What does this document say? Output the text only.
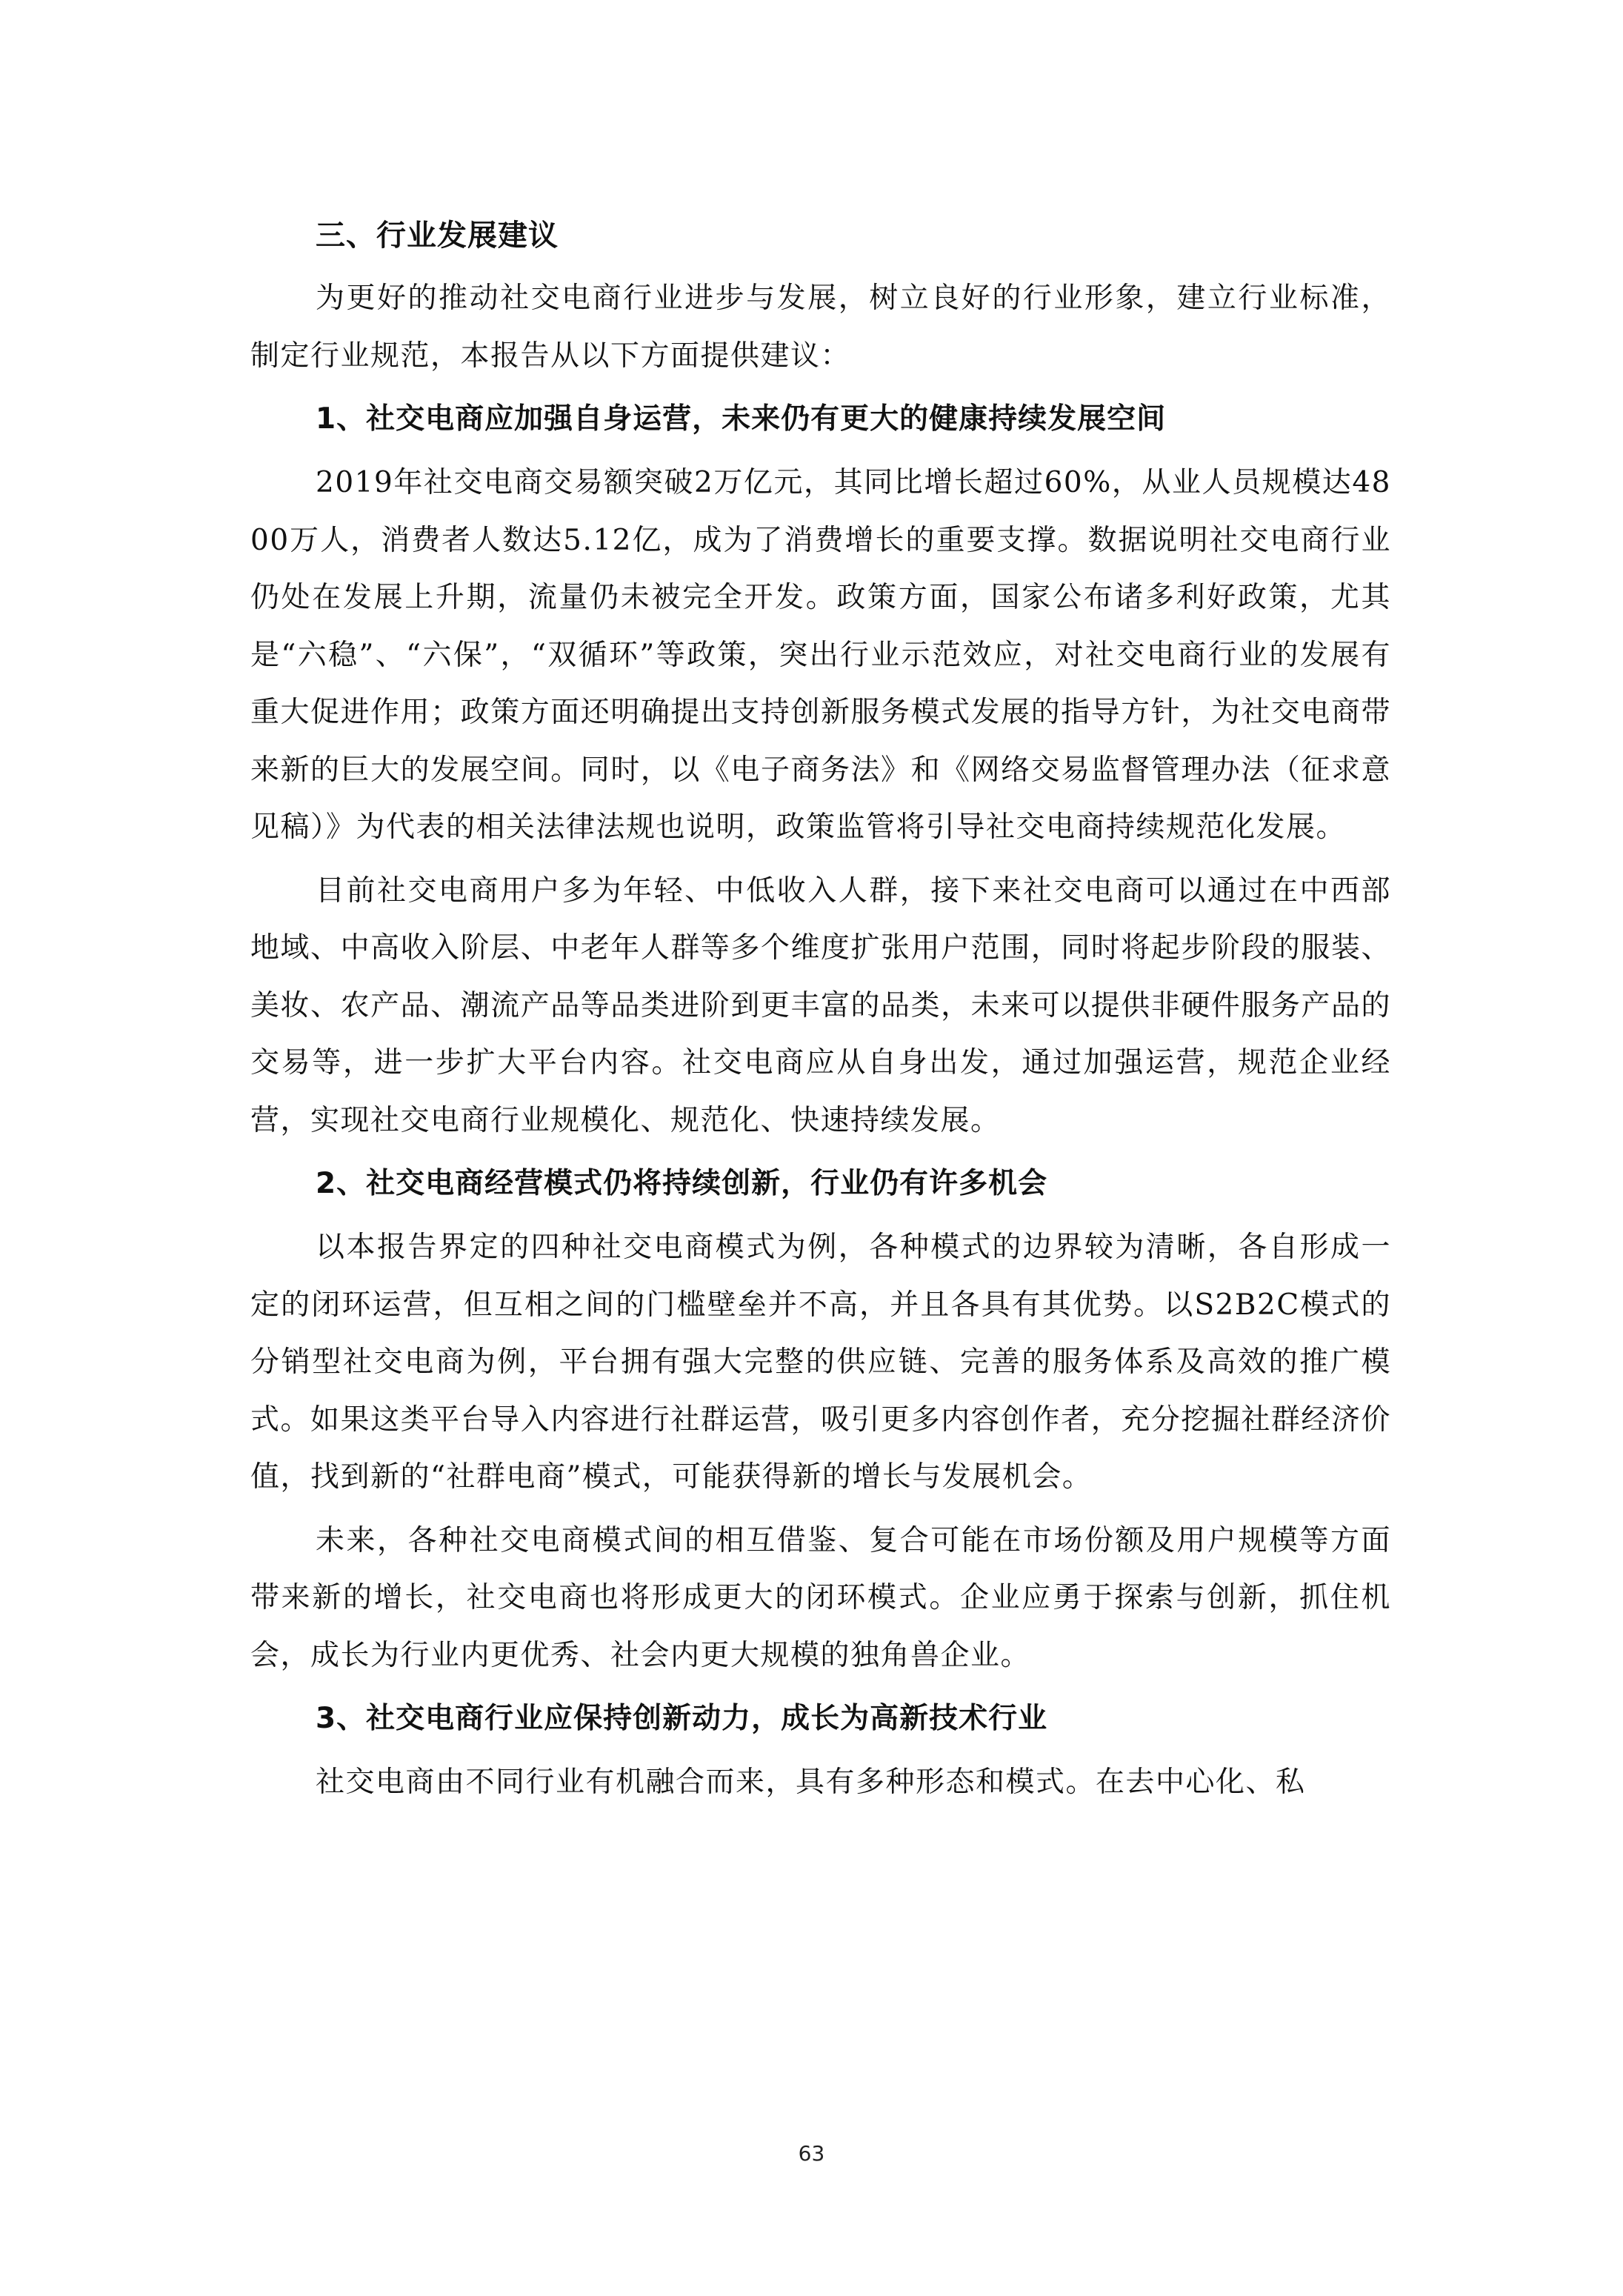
三、行业发展建议

为更好的推动社交电商行业进步与发展，树立良好的行业形象，建立行业标准，制定行业规范，本报告从以下方面提供建议：

1、社交电商应加强自身运营，未来仍有更大的健康持续发展空间

2019年社交电商交易额突破2万亿元，其同比增长超过60%，从业人员规模达4800万人，消费者人数达5.12亿，成为了消费增长的重要支撑。数据说明社交电商行业仍处在发展上升期，流量仍未被完全开发。政策方面，国家公布诸多利好政策，尤其是“六稳”、“六保”，“双循环”等政策，突出行业示范效应，对社交电商行业的发展有重大促进作用；政策方面还明确提出支持创新服务模式发展的指导方针，为社交电商带来新的巨大的发展空间。同时，以《电子商务法》和《网络交易监督管理办法（征求意见稿）》为代表的相关法律法规也说明，政策监管将引导社交电商持续规范化发展。

目前社交电商用户多为年轻、中低收入人群，接下来社交电商可以通过在中西部地域、中高收入阶层、中老年人群等多个维度扩张用户范围，同时将起步阶段的服装、美妆、农产品、潮流产品等品类进阶到更丰富的品类，未来可以提供非硬件服务产品的交易等，进一步扩大平台内容。社交电商应从自身出发，通过加强运营，规范企业经营，实现社交电商行业规模化、规范化、快速持续发展。

2、社交电商经营模式仍将持续创新，行业仍有许多机会

以本报告界定的四种社交电商模式为例，各种模式的边界较为清晰，各自形成一定的闭环运营，但互相之间的门槛壁垒并不高，并且各具有其优势。以S2B2C模式的分销型社交电商为例，平台拥有强大完整的供应链、完善的服务体系及高效的推广模式。如果这类平台导入内容进行社群运营，吸引更多内容创作者，充分挖掘社群经济价值，找到新的“社群电商”模式，可能获得新的增长与发展机会。

未来，各种社交电商模式间的相互借鉴、复合可能在市场份额及用户规模等方面带来新的增长，社交电商也将形成更大的闭环模式。企业应勇于探索与创新，抓住机会，成长为行业内更优秀、社会内更大规模的独角兽企业。

3、社交电商行业应保持创新动力，成长为高新技术行业

社交电商由不同行业有机融合而来，具有多种形态和模式。在去中心化、私

63
